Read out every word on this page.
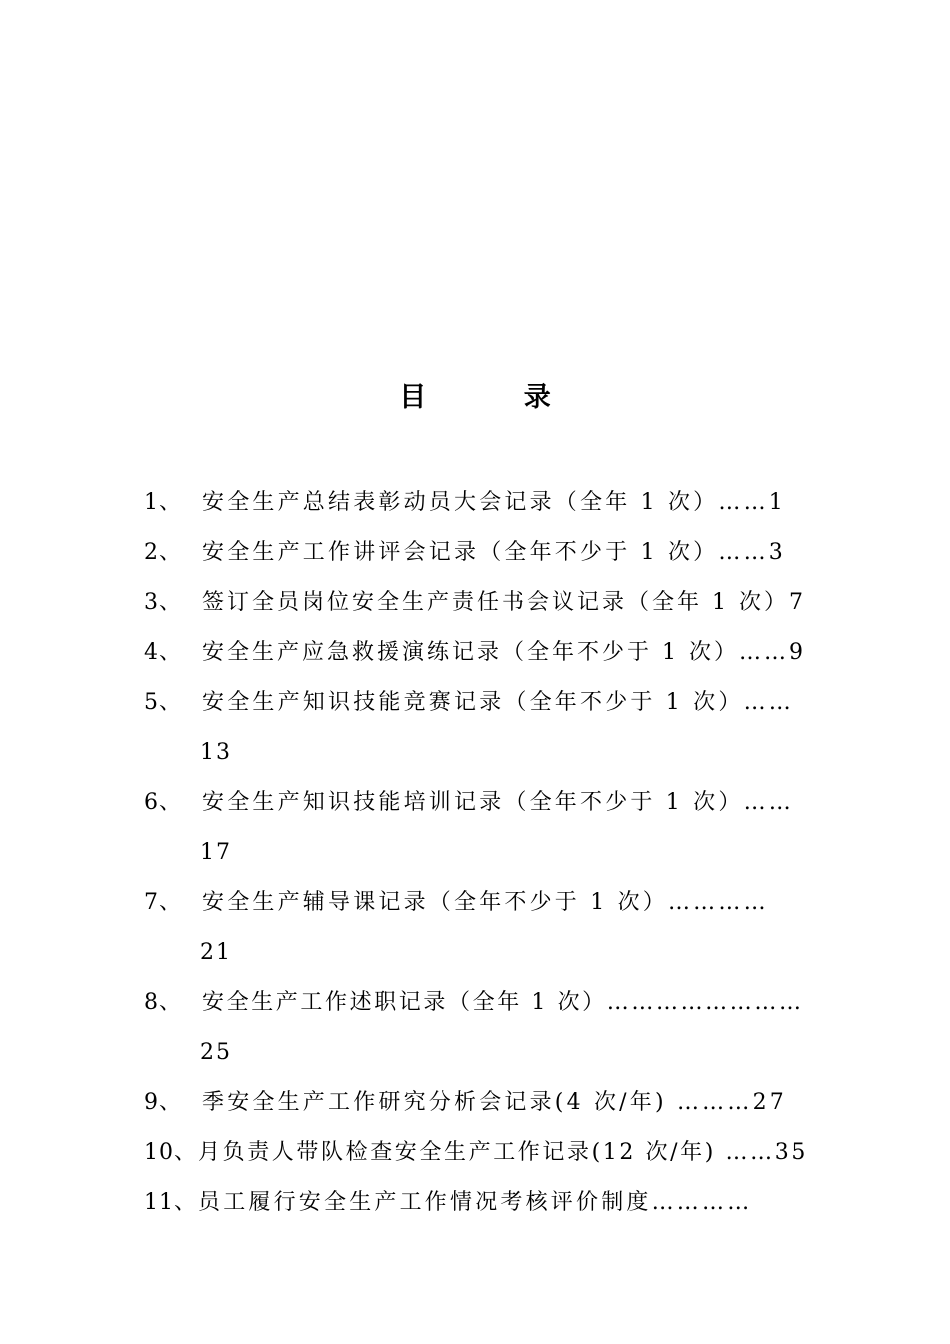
目 录
1、 安全生产总结表彰动员大会记录（全年 1 次）……1
2、 安全生产工作讲评会记录（全年不少于 1 次）……3
3、 签订全员岗位安全生产责任书会议记录（全年 1 次）7
4、 安全生产应急救援演练记录（全年不少于 1 次）……9
5、 安全生产知识技能竞赛记录（全年不少于 1 次）……
13
6、 安全生产知识技能培训记录（全年不少于 1 次）……
17
7、 安全生产辅导课记录（全年不少于 1 次）…………
21
8、 安全生产工作述职记录（全年 1 次）……………………
25
9、 季安全生产工作研究分析会记录(4 次/年) ………27
10、 月负责人带队检查安全生产工作记录(12 次/年) ……35
11、 员工履行安全生产工作情况考核评价制度…………
